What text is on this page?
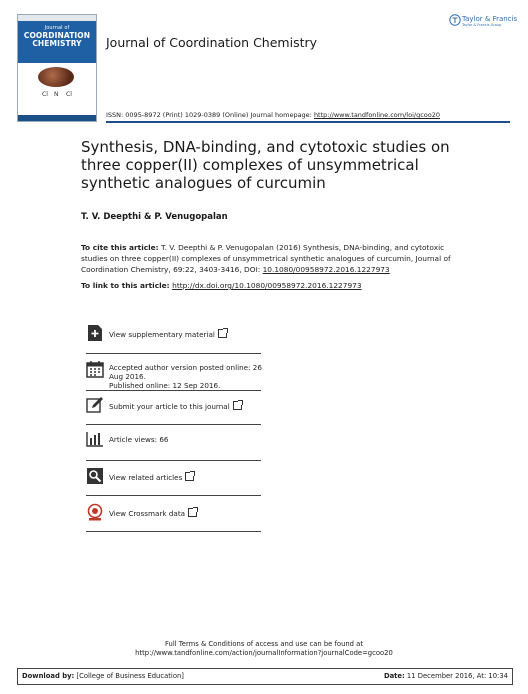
Journal of
COORDINATION
CHEMISTRY
Cl N Cl
Journal of Coordination Chemistry
Taylor & Francis
Taylor & Francis Group
ISSN: 0095-8972 (Print) 1029-0389 (Online) Journal homepage: http://www.tandfonline.com/loi/gcoo20
Synthesis, DNA-binding, and cytotoxic studies on three copper(II) complexes of unsymmetrical synthetic analogues of curcumin
T. V. Deepthi & P. Venugopalan
To cite this article: T. V. Deepthi & P. Venugopalan (2016) Synthesis, DNA-binding, and cytotoxic studies on three copper(II) complexes of unsymmetrical synthetic analogues of curcumin, Journal of Coordination Chemistry, 69:22, 3403-3416, DOI: 10.1080/00958972.2016.1227973
To link to this article: http://dx.doi.org/10.1080/00958972.2016.1227973
View supplementary material
Accepted author version posted online: 26 Aug 2016.
Published online: 12 Sep 2016.
Submit your article to this journal
Article views: 66
View related articles
View Crossmark data
Full Terms & Conditions of access and use can be found at
http://www.tandfonline.com/action/journalInformation?journalCode=gcoo20
Download by: [College of Business Education]	Date: 11 December 2016, At: 10:34
